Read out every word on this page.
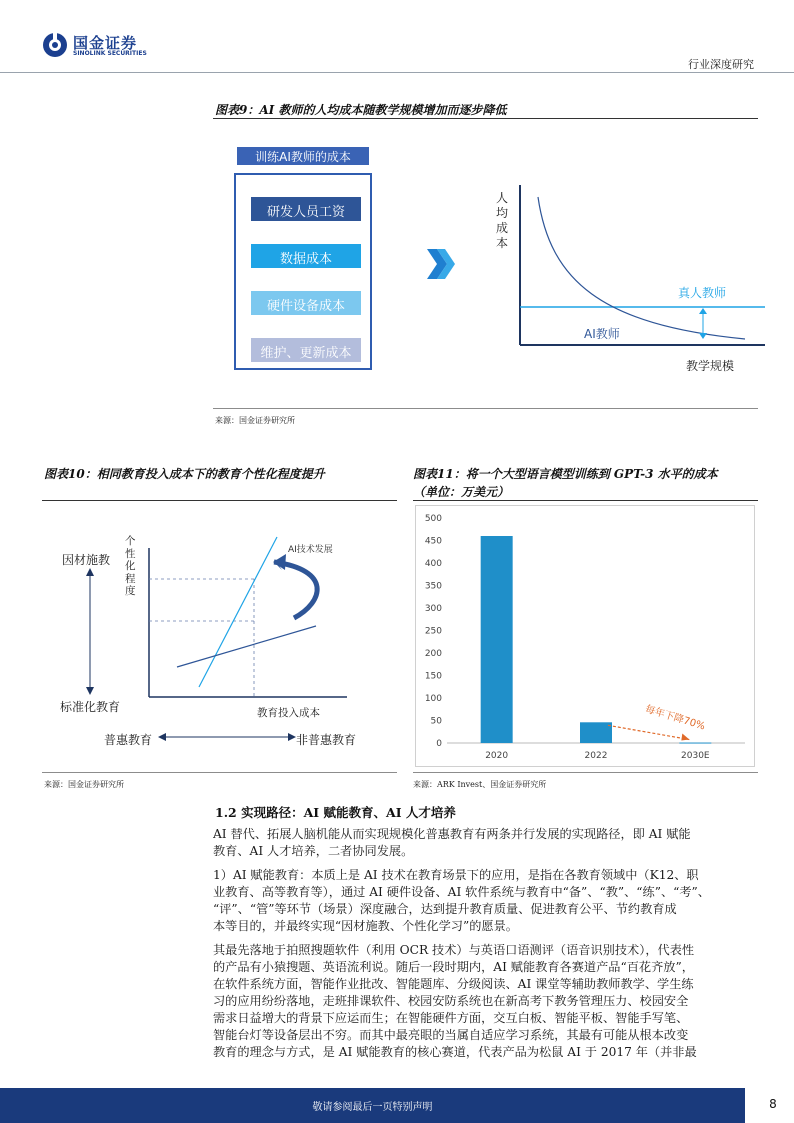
国金证券
SINOLINK SECURITIES
行业深度研究
图表9：AI 教师的人均成本随教学规模增加而逐步降低
训练AI教师的成本
研发人员工资
数据成本
硬件设备成本
维护、更新成本
人均成本
教学规模
真人教师
AI教师
来源：国金证券研究所
图表10：相同教育投入成本下的教育个性化程度提升
因材施教
标准化教育
个性化程度
教育投入成本
AI技术发展
普惠教育	非普惠教育
来源：国金证券研究所
图表11：将一个大型语言模型训练到 GPT-3 水平的成本
（单位：万美元）
0
50
100
150
200
250
300
350
400
450
500
2020	2022	2030E
每年下降70%
来源：ARK Invest、国金证券研究所
1.2 实现路径：AI 赋能教育、AI 人才培养
AI 替代、拓展人脑机能从而实现规模化普惠教育有两条并行发展的实现路径，即 AI 赋能
教育、AI 人才培养，二者协同发展。
1）AI 赋能教育：本质上是 AI 技术在教育场景下的应用，是指在各教育领域中（K12、职
业教育、高等教育等），通过 AI 硬件设备、AI 软件系统与教育中“备”、“教”、“练”、“考”、
“评”、“管”等环节（场景）深度融合，达到提升教育质量、促进教育公平、节约教育成
本等目的，并最终实现“因材施教、个性化学习”的愿景。
其最先落地于拍照搜题软件（利用 OCR 技术）与英语口语测评（语音识别技术），代表性
的产品有小猿搜题、英语流利说。随后一段时期内，AI 赋能教育各赛道产品“百花齐放”，
在软件系统方面，智能作业批改、智能题库、分级阅读、AI 课堂等辅助教师教学、学生练
习的应用纷纷落地，走班排课软件、校园安防系统也在新高考下教务管理压力、校园安全
需求日益增大的背景下应运而生；在智能硬件方面，交互白板、智能平板、智能手写笔、
智能台灯等设备层出不穷。而其中最亮眼的当属自适应学习系统，其最有可能从根本改变
教育的理念与方式，是 AI 赋能教育的核心赛道，代表产品为松鼠 AI 于 2017 年（并非最
敬请参阅最后一页特别声明	8
